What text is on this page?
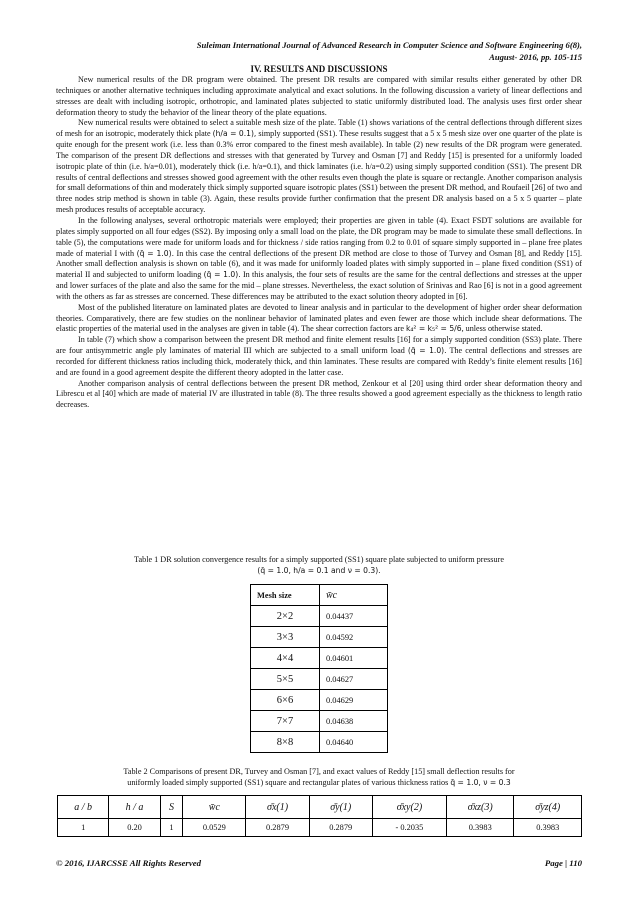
Suleiman International Journal of Advanced Research in Computer Science and Software Engineering 6(8),
August- 2016, pp. 105-115
IV. RESULTS AND DISCUSSIONS

New numerical results of the DR program were obtained. The present DR results are compared with similar results either generated by other DR techniques or another alternative techniques including approximate analytical and exact solutions. In the following discussion a variety of linear deflections and stresses are dealt with including isotropic, orthotropic, and laminated plates subjected to static uniformly distributed load. The analysis uses first order shear deformation theory to study the behavior of the linear theory of the plate equations.

New numerical results were obtained to select a suitable mesh size of the plate. Table (1) shows variations of the central deflections through different sizes of mesh for an isotropic, moderately thick plate (h/a = 0.1), simply supported (SS1). These results suggest that a 5 x 5 mesh size over one quarter of the plate is quite enough for the present work (i.e. less than 0.3% error compared to the finest mesh available). In table (2) new results of the DR program were generated. The comparison of the present DR deflections and stresses with that generated by Turvey and Osman [7] and Reddy [15] is presented for a uniformly loaded isotropic plate of thin (i.e. h/a=0.01), moderately thick (i.e. h/a=0.1), and thick laminates (i.e. h/a=0.2) using simply supported condition (SS1). The present DR results of central deflections and stresses showed good agreement with the other results even though the plate is square or rectangle. Another comparison analysis for small deformations of thin and moderately thick simply supported square isotropic plates (SS1) between the present DR method, and Roufaeil [26] of two and three nodes strip method is shown in table (3). Again, these results provide further confirmation that the present DR analysis based on a 5 x 5 quarter – plate mesh produces results of acceptable accuracy.

In the following analyses, several orthotropic materials were employed; their properties are given in table (4). Exact FSDT solutions are available for plates simply supported on all four edges (SS2). By imposing only a small load on the plate, the DR program may be made to simulate these small deflections. In table (5), the computations were made for uniform loads and for thickness / side ratios ranging from 0.2 to 0.01 of square simply supported in – plane free plates made of material I with (q̄ = 1.0). In this case the central deflections of the present DR method are close to those of Turvey and Osman [8], and Reddy [15]. Another small deflection analysis is shown on table (6), and it was made for uniformly loaded plates with simply supported in – plane fixed condition (SS1) of material II and subjected to uniform loading (q̄ = 1.0). In this analysis, the four sets of results are the same for the central deflections and stresses at the upper and lower surfaces of the plate and also the same for the mid – plane stresses. Nevertheless, the exact solution of Srinivas and Rao [6] is not in a good agreement with the others as far as stresses are concerned. These differences may be attributed to the exact solution theory adopted in [6].

Most of the published literature on laminated plates are devoted to linear analysis and in particular to the development of higher order shear deformation theories. Comparatively, there are few studies on the nonlinear behavior of laminated plates and even fewer are those which include shear deformations. The elastic properties of the material used in the analyses are given in table (4). The shear correction factors are k₄² = k₅² = 5/6, unless otherwise stated.

In table (7) which show a comparison between the present DR method and finite element results [16] for a simply supported condition (SS3) plate. There are four antisymmetric angle ply laminates of material III which are subjected to a small uniform load (q̄ = 1.0). The central deflections and stresses are recorded for different thickness ratios including thick, moderately thick, and thin laminates. These results are compared with Reddy’s finite element results [16] and are found in a good agreement despite the different theory adopted in the latter case.

Another comparison analysis of central deflections between the present DR method, Zenkour et al [20] using third order shear deformation theory and Librescu et al [40] which are made of material IV are illustrated in table (8). The three results showed a good agreement especially as the thickness to length ratio decreases.

Table 1 DR solution convergence results for a simply supported (SS1) square plate subjected to uniform pressure
(q̄ = 1.0, h/a = 0.1 and ν = 0.3).
Mesh size	w̄c
2×2	0.04437
3×3	0.04592
4×4	0.04601
5×5	0.04627
6×6	0.04629
7×7	0.04638
8×8	0.04640
Table 2 Comparisons of present DR, Turvey and Osman [7], and exact values of Reddy [15] small deflection results for
uniformly loaded simply supported (SS1) square and rectangular plates of various thickness ratios q̄ = 1.0, ν = 0.3
a / b	h / a	S	w̄c	σ̄x(1)	σ̄y(1)	σ̄xy(2)	σ̄xz(3)	σ̄yz(4)
1	0.20	1	0.0529	0.2879	0.2879	- 0.2035	0.3983	0.3983
© 2016, IJARCSSE All Rights Reserved	Page | 110
